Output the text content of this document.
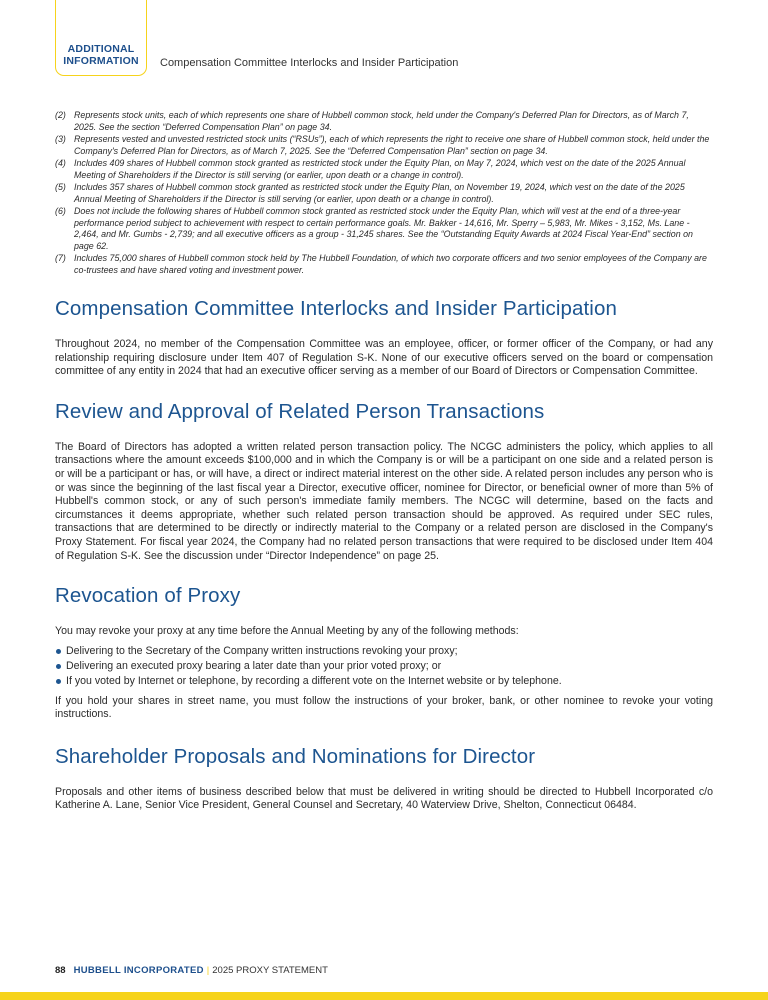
ADDITIONAL
INFORMATION Compensation Committee Interlocks and Insider Participation
(2) Represents stock units, each of which represents one share of Hubbell common stock, held under the Company's Deferred Plan for Directors, as of March 7, 2025. See the section “Deferred Compensation Plan” on page 34.
(3) Represents vested and unvested restricted stock units (“RSUs”), each of which represents the right to receive one share of Hubbell common stock, held under the Company's Deferred Plan for Directors, as of March 7, 2025. See the “Deferred Compensation Plan” section on page 34.
(4) Includes 409 shares of Hubbell common stock granted as restricted stock under the Equity Plan, on May 7, 2024, which vest on the date of the 2025 Annual Meeting of Shareholders if the Director is still serving (or earlier, upon death or a change in control).
(5) Includes 357 shares of Hubbell common stock granted as restricted stock under the Equity Plan, on November 19, 2024, which vest on the date of the 2025 Annual Meeting of Shareholders if the Director is still serving (or earlier, upon death or a change in control).
(6) Does not include the following shares of Hubbell common stock granted as restricted stock under the Equity Plan, which will vest at the end of a three-year performance period subject to achievement with respect to certain performance goals. Mr. Bakker - 14,616, Mr. Sperry – 5,983, Mr. Mikes - 3,152, Ms. Lane - 2,464, and Mr. Gumbs - 2,739; and all executive officers as a group - 31,245 shares. See the “Outstanding Equity Awards at 2024 Fiscal Year-End” section on page 62.
(7) Includes 75,000 shares of Hubbell common stock held by The Hubbell Foundation, of which two corporate officers and two senior employees of the Company are co-trustees and have shared voting and investment power.
Compensation Committee Interlocks and Insider Participation

Throughout 2024, no member of the Compensation Committee was an employee, officer, or former officer of the Company, or had any relationship requiring disclosure under Item 407 of Regulation S-K. None of our executive officers served on the board or compensation committee of any entity in 2024 that had an executive officer serving as a member of our Board of Directors or Compensation Committee.

Review and Approval of Related Person Transactions

The Board of Directors has adopted a written related person transaction policy. The NCGC administers the policy, which applies to all transactions where the amount exceeds $100,000 and in which the Company is or will be a participant on one side and a related person is or will be a participant or has, or will have, a direct or indirect material interest on the other side. A related person includes any person who is or was since the beginning of the last fiscal year a Director, executive officer, nominee for Director, or beneficial owner of more than 5% of Hubbell's common stock, or any of such person's immediate family members. The NCGC will determine, based on the facts and circumstances it deems appropriate, whether such related person transaction should be approved. As required under SEC rules, transactions that are determined to be directly or indirectly material to the Company or a related person are disclosed in the Company's Proxy Statement. For fiscal year 2024, the Company had no related person transactions that were required to be disclosed under Item 404 of Regulation S-K. See the discussion under “Director Independence” on page 25.

Revocation of Proxy

You may revoke your proxy at any time before the Annual Meeting by any of the following methods:

Delivering to the Secretary of the Company written instructions revoking your proxy;
Delivering an executed proxy bearing a later date than your prior voted proxy; or
If you voted by Internet or telephone, by recording a different vote on the Internet website or by telephone.

If you hold your shares in street name, you must follow the instructions of your broker, bank, or other nominee to revoke your voting instructions.

Shareholder Proposals and Nominations for Director

Proposals and other items of business described below that must be delivered in writing should be directed to Hubbell Incorporated c/o Katherine A. Lane, Senior Vice President, General Counsel and Secretary, 40 Waterview Drive, Shelton, Connecticut 06484.

88 HUBBELL INCORPORATED | 2025 PROXY STATEMENT
